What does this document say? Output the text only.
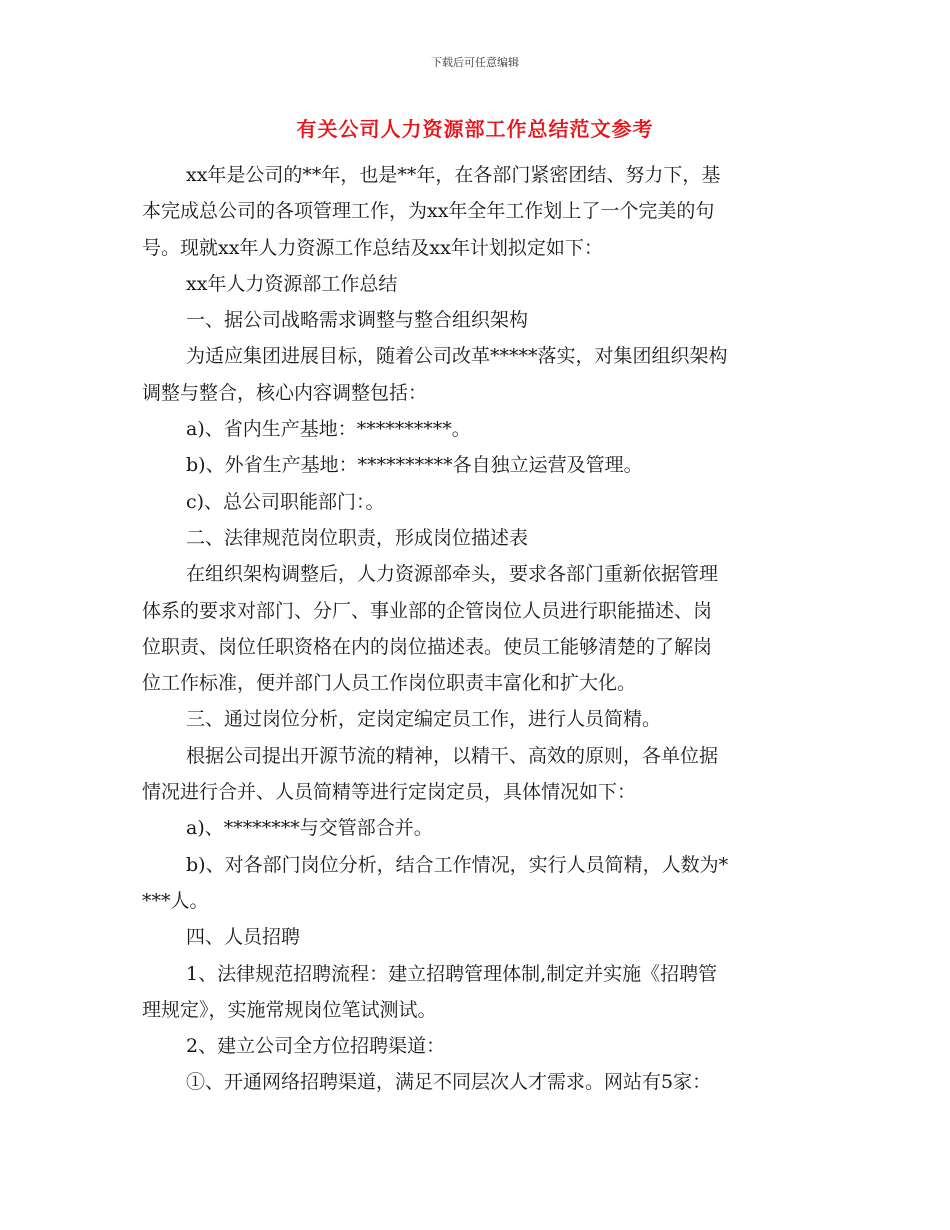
下载后可任意编辑
有关公司人力资源部工作总结范文参考
xx年是公司的**年，也是**年，在各部门紧密团结、努力下，基
本完成总公司的各项管理工作，为xx年全年工作划上了一个完美的句
号。现就xx年人力资源工作总结及xx年计划拟定如下：
xx年人力资源部工作总结
一、据公司战略需求调整与整合组织架构
为适应集团进展目标，随着公司改革*****落实，对集团组织架构
调整与整合，核心内容调整包括：
a)、省内生产基地：**********。
b)、外省生产基地：**********各自独立运营及管理。
c)、总公司职能部门：。
二、法律规范岗位职责，形成岗位描述表
在组织架构调整后，人力资源部牵头，要求各部门重新依据管理
体系的要求对部门、分厂、事业部的企管岗位人员进行职能描述、岗
位职责、岗位任职资格在内的岗位描述表。使员工能够清楚的了解岗
位工作标准，便并部门人员工作岗位职责丰富化和扩大化。
三、通过岗位分析，定岗定编定员工作，进行人员简精。
根据公司提出开源节流的精神，以精干、高效的原则，各单位据
情况进行合并、人员简精等进行定岗定员，具体情况如下：
a)、********与交管部合并。
b)、对各部门岗位分析，结合工作情况，实行人员简精，人数为*
***人。
四、人员招聘
1、法律规范招聘流程：建立招聘管理体制,制定并实施《招聘管
理规定》，实施常规岗位笔试测试。
2、建立公司全方位招聘渠道：
①、开通网络招聘渠道，满足不同层次人才需求。网站有5家：
